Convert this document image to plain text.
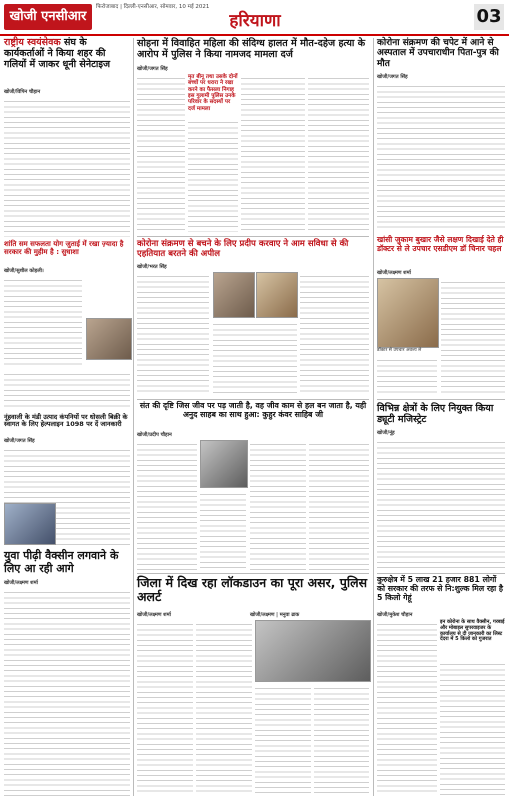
खोजी एनसीआर
फिरोजाबाद | दिल्ली-एनसीआर, सोमवार, 10 मई 2021
हरियाणा	03
राष्ट्रीय स्वयंसेवक संघ के कार्यकर्ताओं ने किया शहर की गलियों में जाकर धूनी सेनेटाइज
खोजी/विपिन चौहान
शांति सम सफलता योग जुताई में रखा ज़्यादा है सरकार की मुहीम है : सुधाशा
खोजी/सुशील कोहली।
नूंहवाली के मंडी उत्पाद कंपनियों पर धोसली बिक्री के स्वागत के लिए हेल्पलाइन 1098 पर दें जानकारी
खोजी/जगत सिंह
युवा पीढ़ी वैक्सीन लगवाने के लिए आ रही आगे
खोजी/लक्ष्मण शर्मा
सोहना में विवाहित महिला की संदिग्ध हालत में मौत-दहेज हत्या के आरोप में पुलिस ने किया नामजद मामला दर्ज
खोजी/जगत सिंह
मृत बीनू तथा उसके दोनों बच्चों पर धरारा ने रखा करने का फैसला निगाह इस गुलामी पुलिस उनके परिवार के सदस्यों पर दर्ज मामला
कोरोना संक्रमण से बचने के लिए प्रदीप करवाए ने आम सविधा से की एहतियात बरतने की अपील
खोजी/भरत सिंह
संत की दृष्टि जिस जीव पर पड़ जाती है, वह जीव काम से हल बन जाता है, यही अनुद साहब का साथ हुआ: कुहुर कंवर साहिब जी
खोजी/प्रदीप चौहान
जिला में दिख रहा लॉकडाउन का पूरा असर, पुलिस अलर्ट
खोजी/लक्ष्मण शर्मा	खोजी/लक्ष्मण | मनुवा ढाक
कोरोना संक्रमण की चपेट में आने से अस्पताल में उपचाराधीन पिता-पुत्र की मौत
खोजी/जगत सिंह
खांसी जुकाम बुखार जैसे लक्षण दिखाई देते ही डॉक्टर से ले उपचार एसडीएम डॉ चिनार चहल
खोजी/लक्ष्मण शर्मा
डॉक्टर से उपचार अवश्य ले
विभिन्न क्षेत्रों के लिए नियुक्त किया ड्यूटी मजिस्ट्रेट
खोजी/नूंह
कुरुक्षेत्र में 5 लाख 21 हजार 881 लोगों को सरकार की तरफ से नि:शुल्क मिल रहा है 5 किलो गेहूं
खोजी/मुकेश चौहान
इन कोरोना के साथ वैक्सीन, गरबाई और मोबाइल सुपरवाइजर के कार्यालय से दी जानकारी का लिस्ट देंदरा में 5 किलो को गुजरात
